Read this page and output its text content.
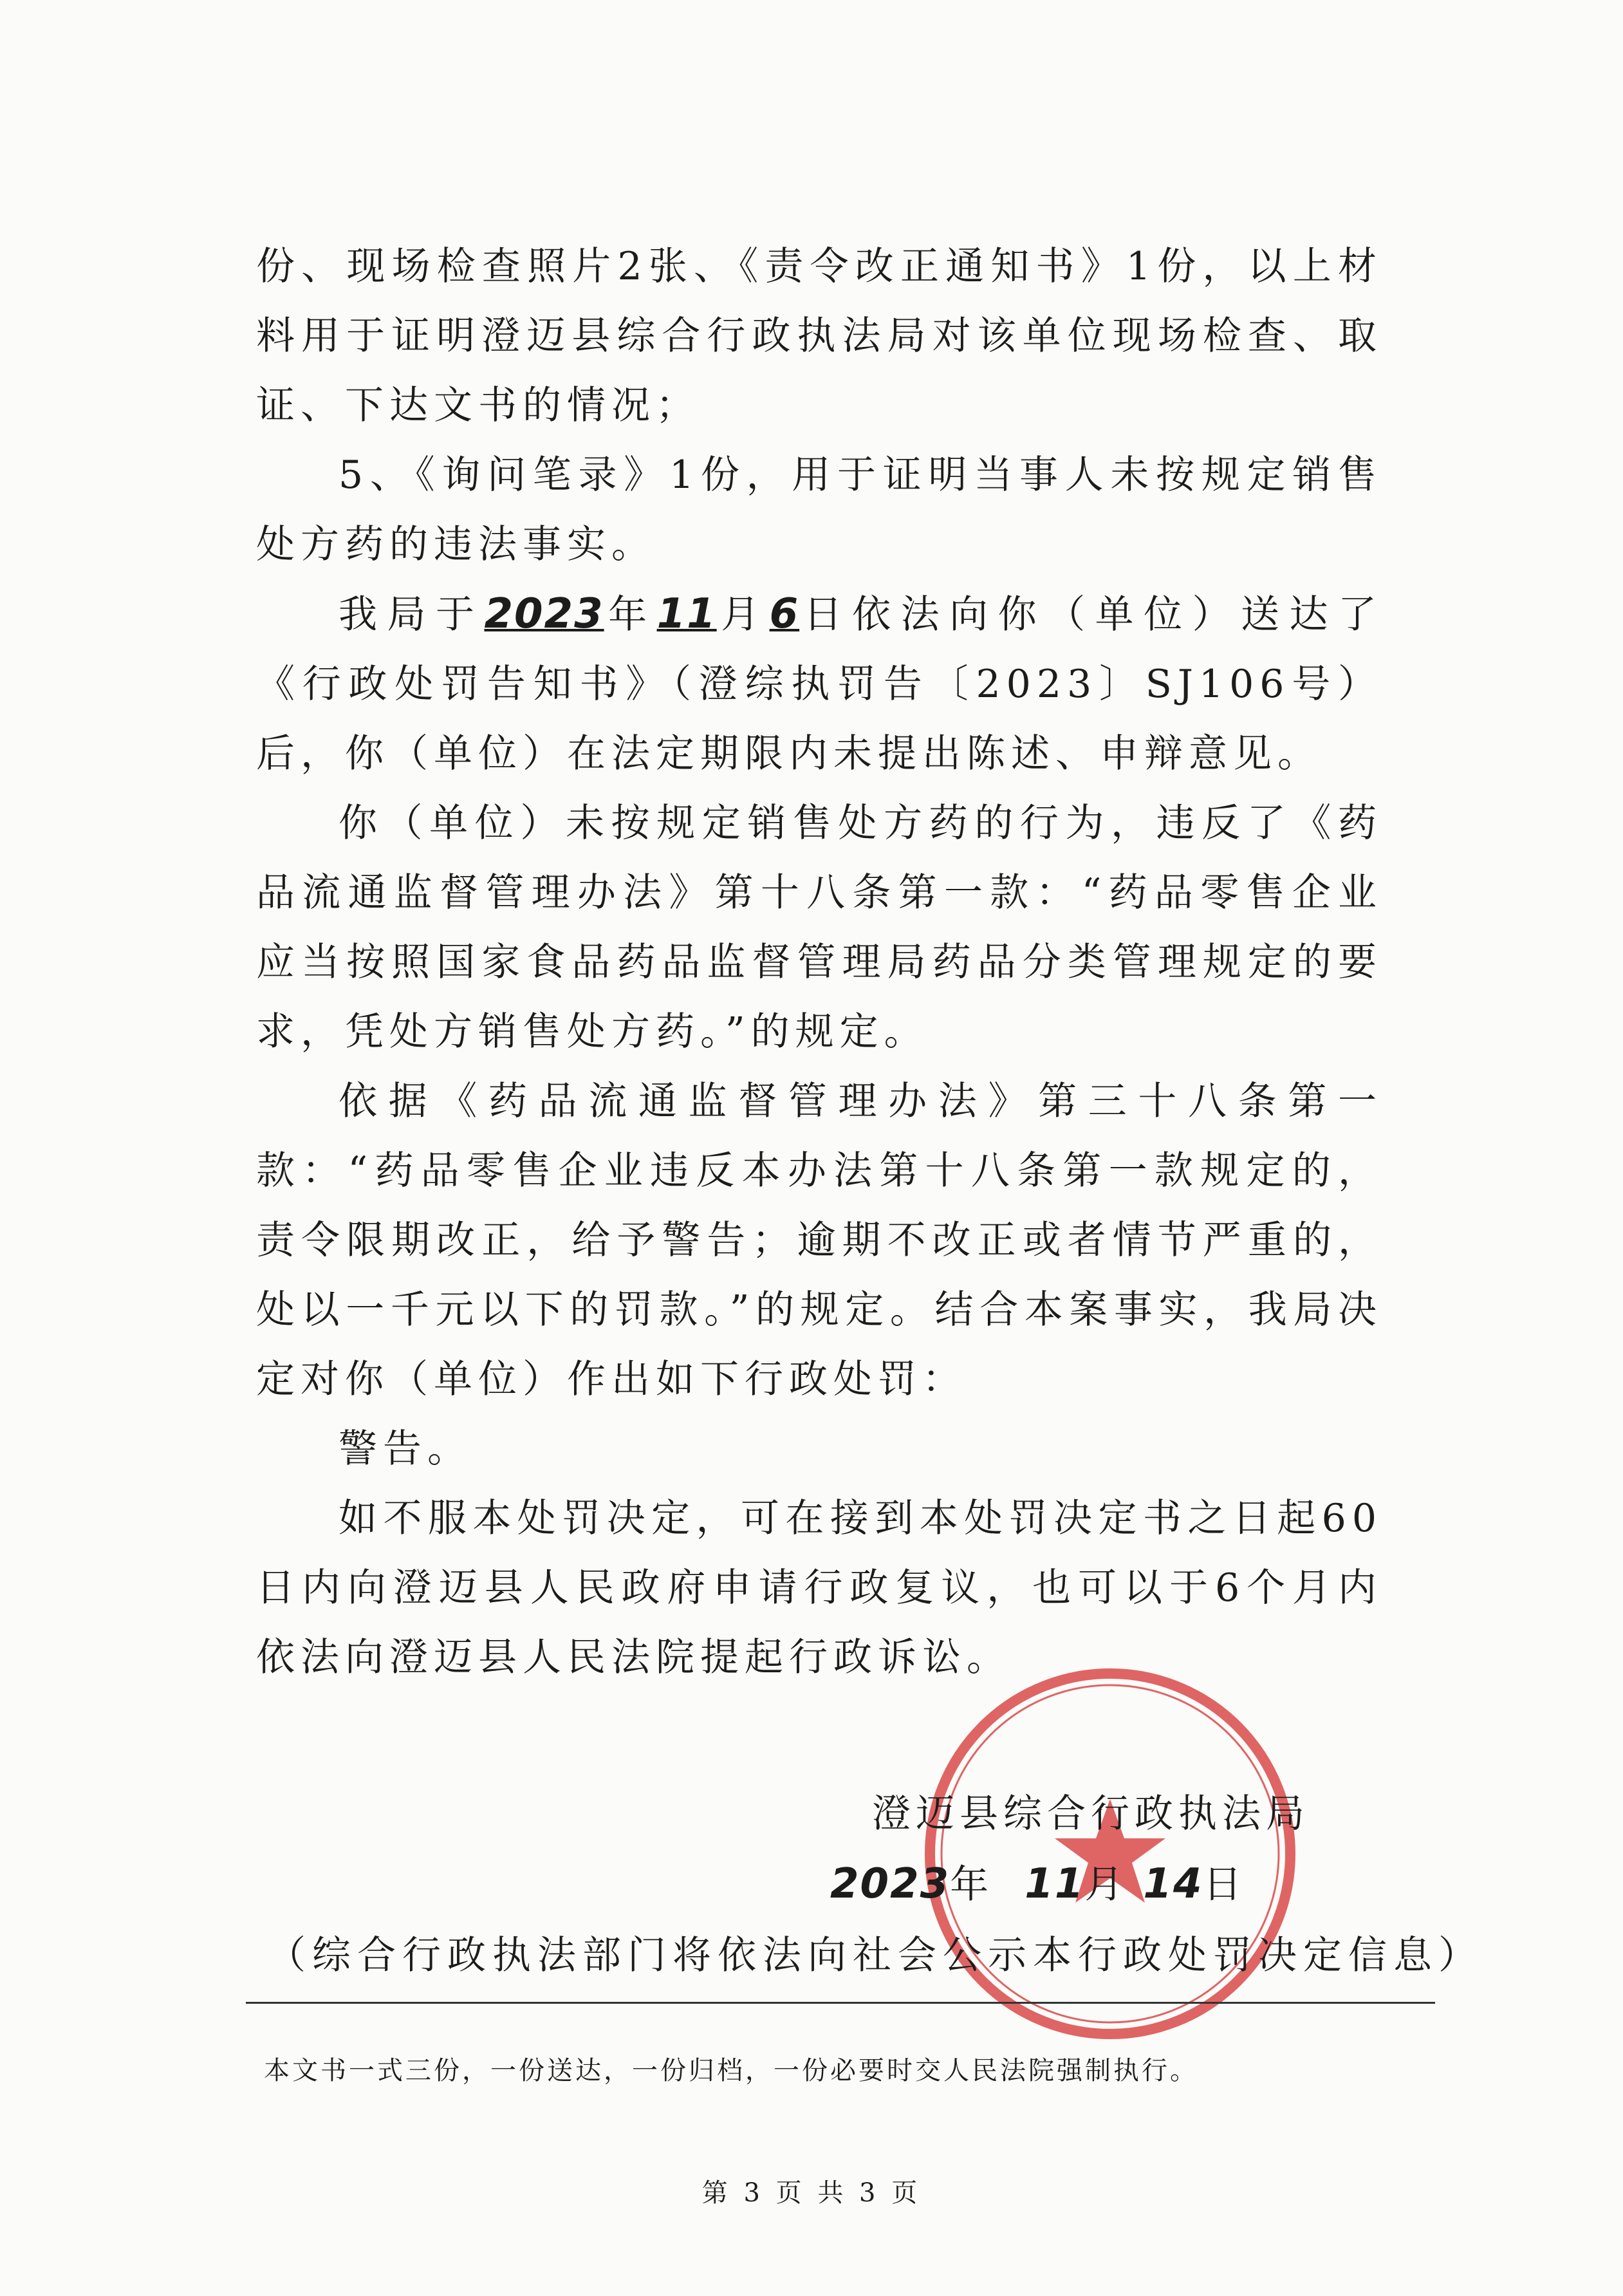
份、现场检查照片2张、《责令改正通知书》1份，以上材料用于证明澄迈县综合行政执法局对该单位现场检查、取证、下达文书的情况；

5、《询问笔录》1份，用于证明当事人未按规定销售处方药的违法事实。

我局于2023年11月6日依法向你（单位）送达了《行政处罚告知书》（澄综执罚告〔2023〕SJ106号）后，你（单位）在法定期限内未提出陈述、申辩意见。

你（单位）未按规定销售处方药的行为，违反了《药品流通监督管理办法》第十八条第一款：“药品零售企业应当按照国家食品药品监督管理局药品分类管理规定的要求，凭处方销售处方药。”的规定。

依据《药品流通监督管理办法》第三十八条第一款：“药品零售企业违反本办法第十八条第一款规定的，责令限期改正，给予警告；逾期不改正或者情节严重的，处以一千元以下的罚款。”的规定。结合本案事实，我局决定对你（单位）作出如下行政处罚：

警告。

如不服本处罚决定，可在接到本处罚决定书之日起60日内向澄迈县人民政府申请行政复议，也可以于6个月内依法向澄迈县人民法院提起行政诉讼。

澄迈县综合行政执法局
2023年 11月 14日
（综合行政执法部门将依法向社会公示本行政处罚决定信息）
本文书一式三份，一份送达，一份归档，一份必要时交人民法院强制执行。
第 3 页 共 3 页
